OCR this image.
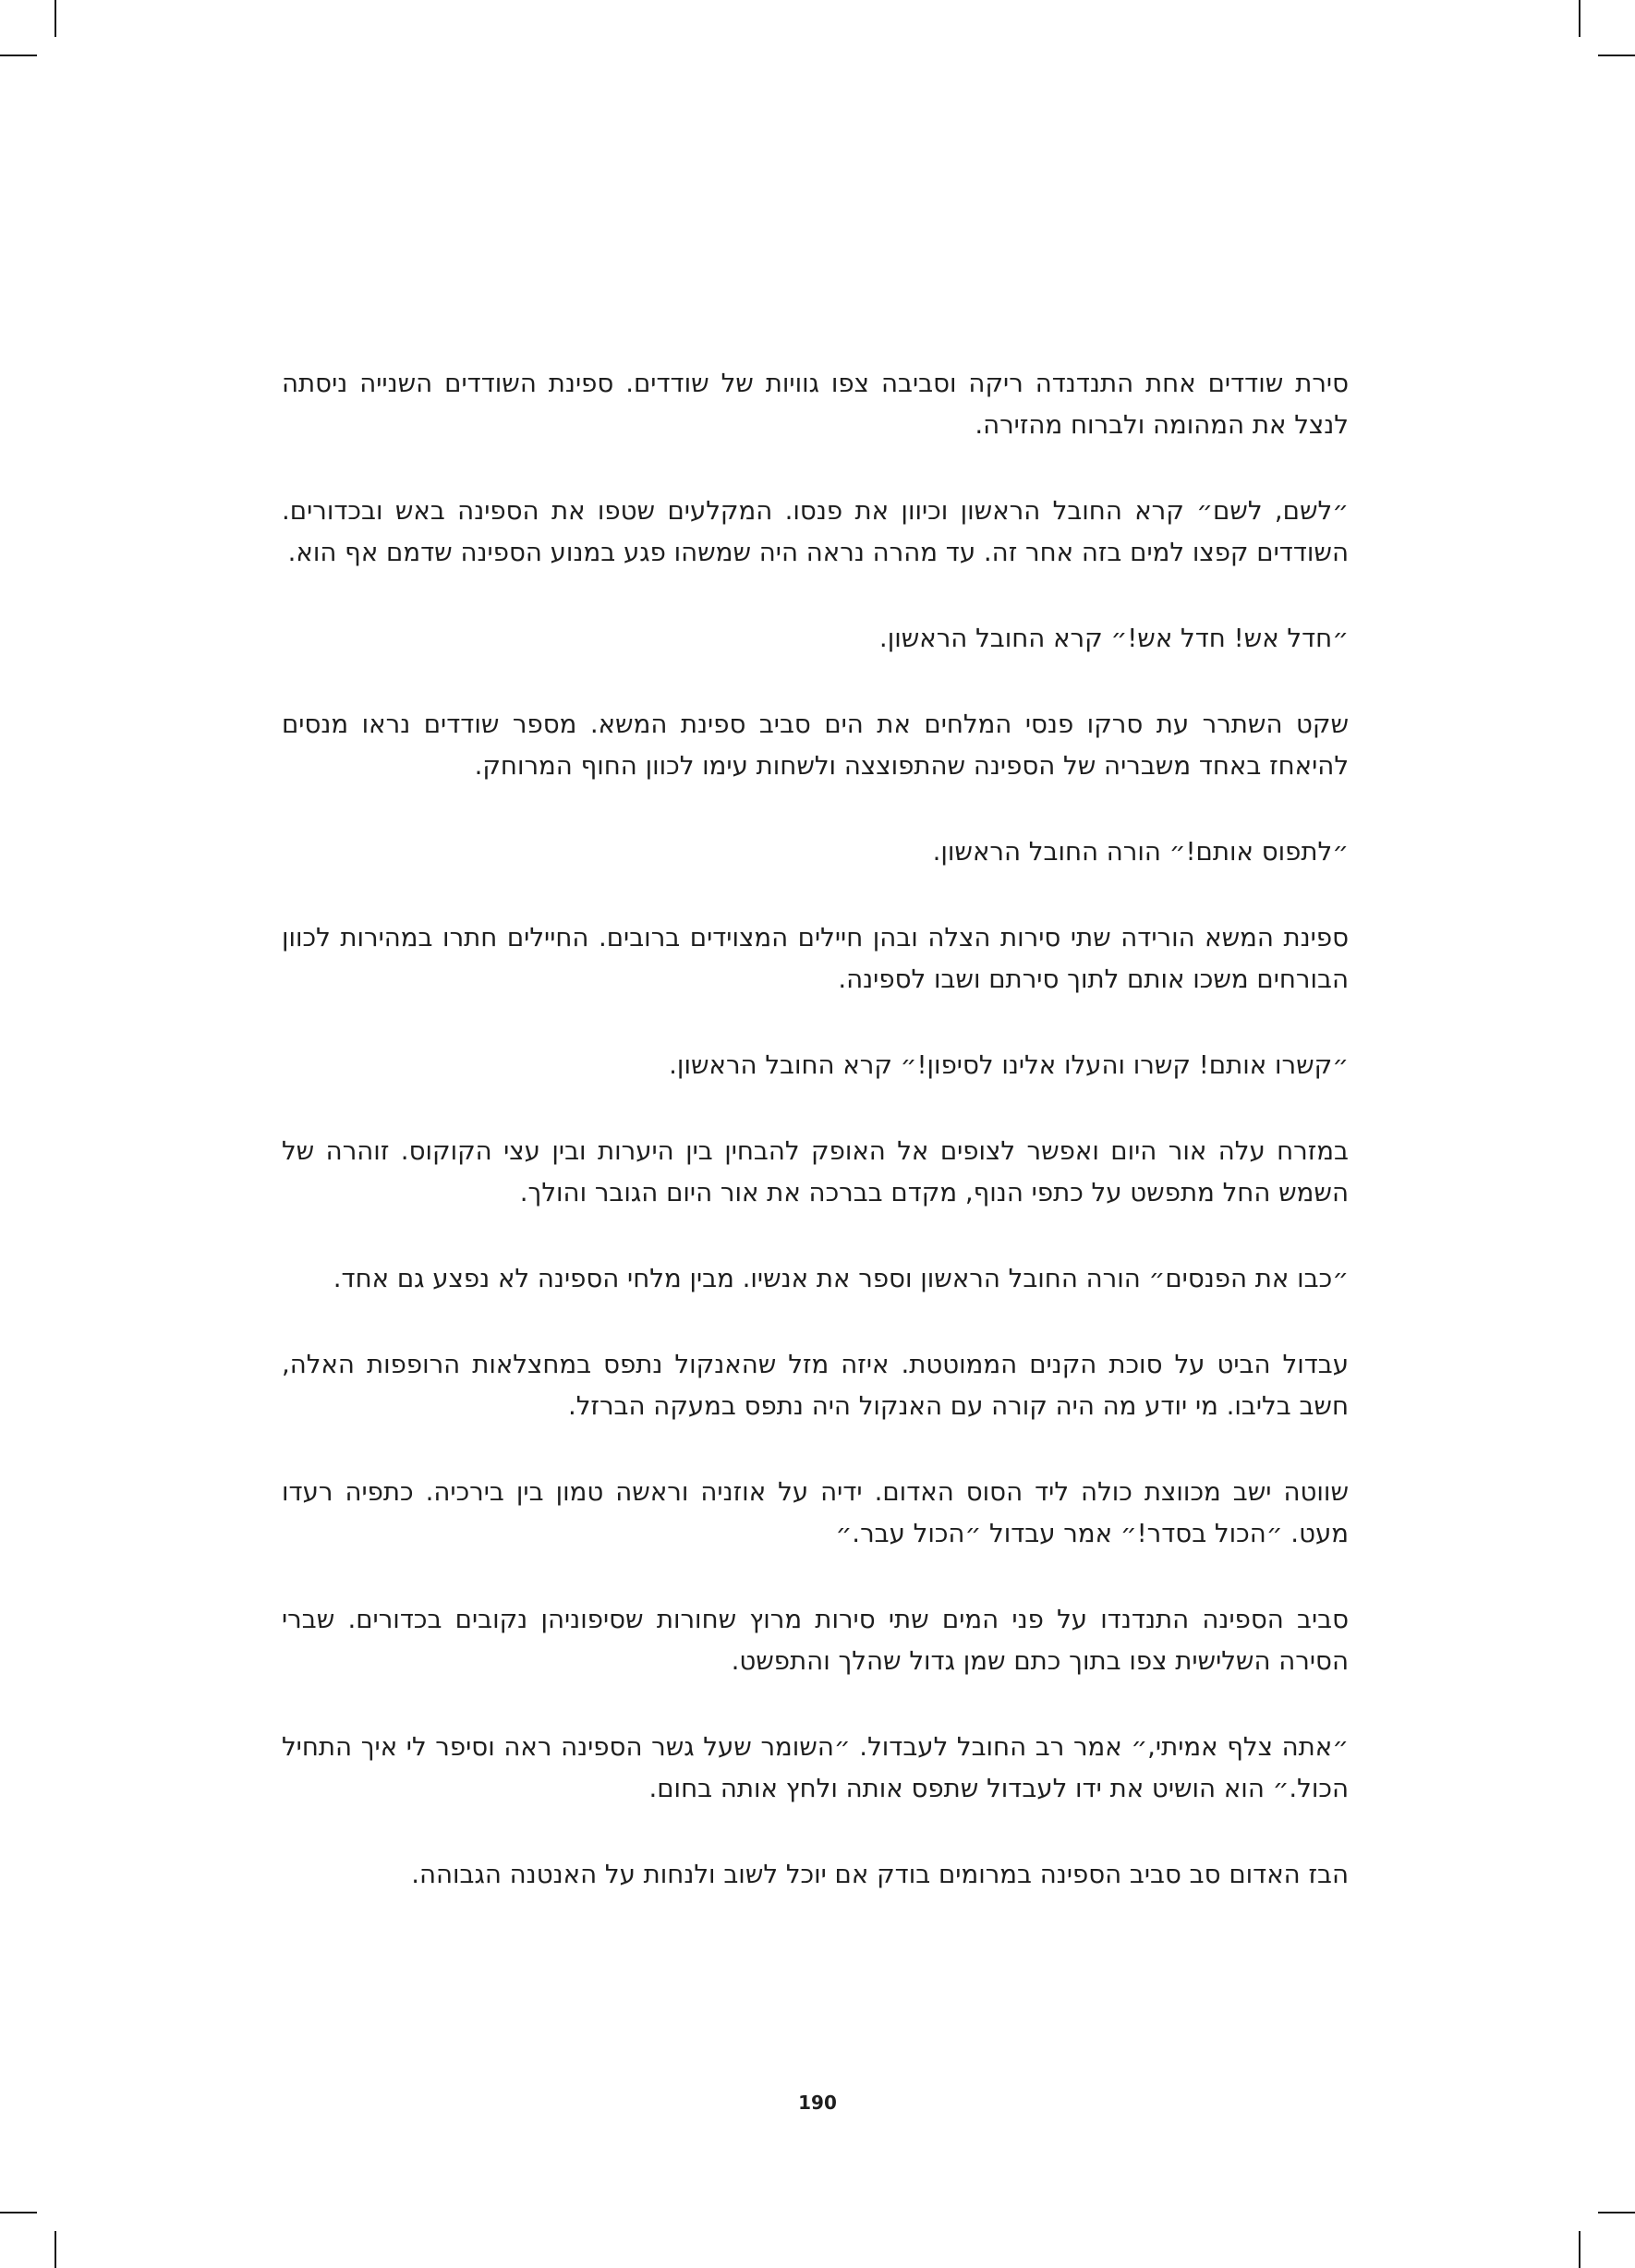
סירת שודדים אחת התנדנדה ריקה וסביבה צפו גוויות של שודדים. ספינת השודדים השנייה ניסתה לנצל את המהומה ולברוח מהזירה.

״לשם, לשם״ קרא החובל הראשון וכיוון את פנסו. המקלעים שטפו את הספינה באש ובכדורים. השודדים קפצו למים בזה אחר זה. עד מהרה נראה היה שמשהו פגע במנוע הספינה שדמם אף הוא.

״חדל אש! חדל אש!״ קרא החובל הראשון.

שקט השתרר עת סרקו פנסי המלחים את הים סביב ספינת המשא. מספר שודדים נראו מנסים להיאחז באחד משבריה של הספינה שהתפוצצה ולשחות עימו לכוון החוף המרוחק.

״לתפוס אותם!״ הורה החובל הראשון.

ספינת המשא הורידה שתי סירות הצלה ובהן חיילים המצוידים ברובים. החיילים חתרו במהירות לכוון הבורחים משכו אותם לתוך סירתם ושבו לספינה.

״קשרו אותם! קשרו והעלו אלינו לסיפון!״ קרא החובל הראשון.

במזרח עלה אור היום ואפשר לצופים אל האופק להבחין בין היערות ובין עצי הקוקוס. זוהרה של השמש החל מתפשט על כתפי הנוף, מקדם בברכה את אור היום הגובר והולך.

״כבו את הפנסים״ הורה החובל הראשון וספר את אנשיו. מבין מלחי הספינה לא נפצע גם אחד.

עבדול הביט על סוכת הקנים הממוטטת. איזה מזל שהאנקול נתפס במחצלאות הרופפות האלה, חשב בליבו. מי יודע מה היה קורה עם האנקול היה נתפס במעקה הברזל.

שווטה ישב מכווצת כולה ליד הסוס האדום. ידיה על אוזניה וראשה טמון בין בירכיה. כתפיה רעדו מעט. ״הכול בסדר!״ אמר עבדול ״הכול עבר.״

סביב הספינה התנדנדו על פני המים שתי סירות מרוץ שחורות שסיפוניהן נקובים בכדורים. שברי הסירה השלישית צפו בתוך כתם שמן גדול שהלך והתפשט.

״אתה צלף אמיתי,״ אמר רב החובל לעבדול. ״השומר שעל גשר הספינה ראה וסיפר לי איך התחיל הכול.״ הוא הושיט את ידו לעבדול שתפס אותה ולחץ אותה בחום.

הבז האדום סב סביב הספינה במרומים בודק אם יוכל לשוב ולנחות על האנטנה הגבוהה.

190
